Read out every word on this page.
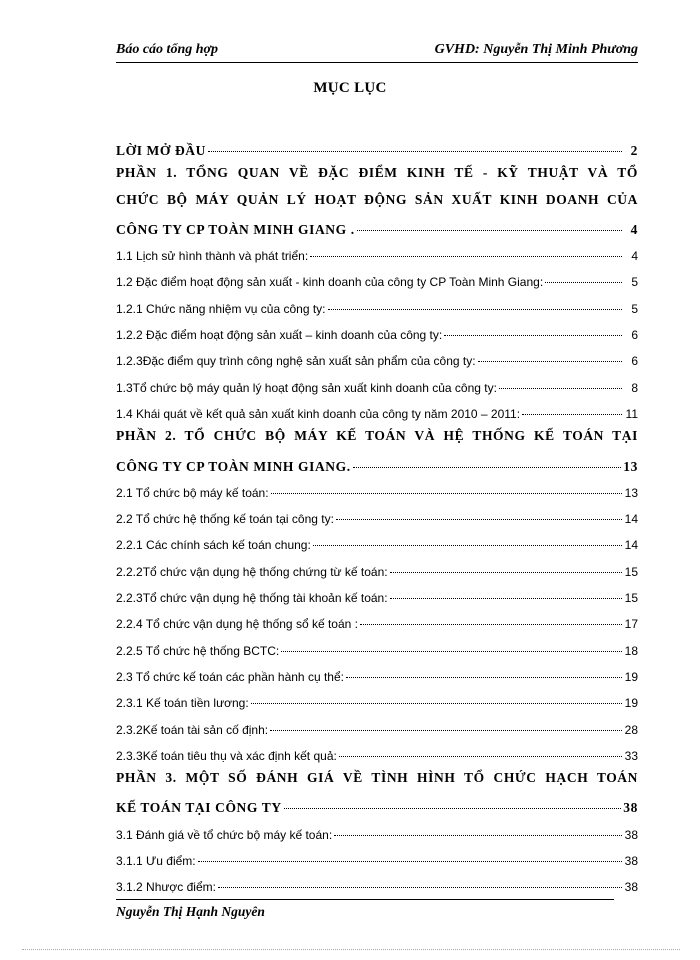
Báo cáo tổng hợp	GVHD: Nguyễn Thị Minh Phương
MỤC LỤC
LỜI MỞ ĐẦU	2
PHẦN 1. TỔNG QUAN VỀ ĐẶC ĐIỂM KINH TẾ - KỸ THUẬT VÀ TỔ
CHỨC BỘ MÁY QUẢN LÝ HOẠT ĐỘNG SẢN XUẤT KINH DOANH CỦA
CÔNG TY CP TOÀN MINH GIANG .	4
1.1 Lịch sử hình thành và phát triển:	4
1.2 Đặc điểm hoạt động sản xuất - kinh doanh của công ty CP Toàn Minh Giang:	5
1.2.1 Chức năng nhiệm vụ của công ty:	5
1.2.2 Đặc điểm hoạt động sản xuất – kinh doanh của công ty:	6
1.2.3Đặc điểm quy trình công nghệ sản xuất sản phẩm của công ty:	6
1.3Tổ chức bộ máy quản lý hoạt động sản xuất kinh doanh của công ty:	8
1.4 Khái quát về kết quả sản xuất kinh doanh của công ty năm 2010 – 2011:	11
PHẦN 2. TỔ CHỨC BỘ MÁY KẾ TOÁN VÀ HỆ THỐNG KẾ TOÁN TẠI
CÔNG TY CP TOÀN MINH GIANG.	13
2.1 Tổ chức bộ máy kế toán:	13
2.2 Tổ chức hệ thống kế toán tại công ty:	14
2.2.1 Các chính sách kế toán chung:	14
2.2.2Tổ chức vận dụng hệ thống chứng từ kế toán:	15
2.2.3Tổ chức vận dụng hệ thống tài khoản kế toán:	15
2.2.4 Tổ chức vận dụng hệ thống sổ kế toán :	17
2.2.5 Tổ chức hệ thống BCTC:	18
2.3 Tổ chức kế toán các phần hành cụ thể:	19
2.3.1 Kế toán tiền lương:	19
2.3.2Kế toán tài sản cố định:	28
2.3.3Kế toán tiêu thụ và xác định kết quả:	33
PHẦN 3. MỘT SỐ ĐÁNH GIÁ VỀ TÌNH HÌNH TỔ CHỨC HẠCH TOÁN
KẾ TOÁN TẠI CÔNG TY	38
3.1 Đánh giá về tổ chức bộ máy kế toán:	38
3.1.1 Ưu điểm:	38
3.1.2 Nhược điểm:	38
Nguyễn Thị Hạnh Nguyên
